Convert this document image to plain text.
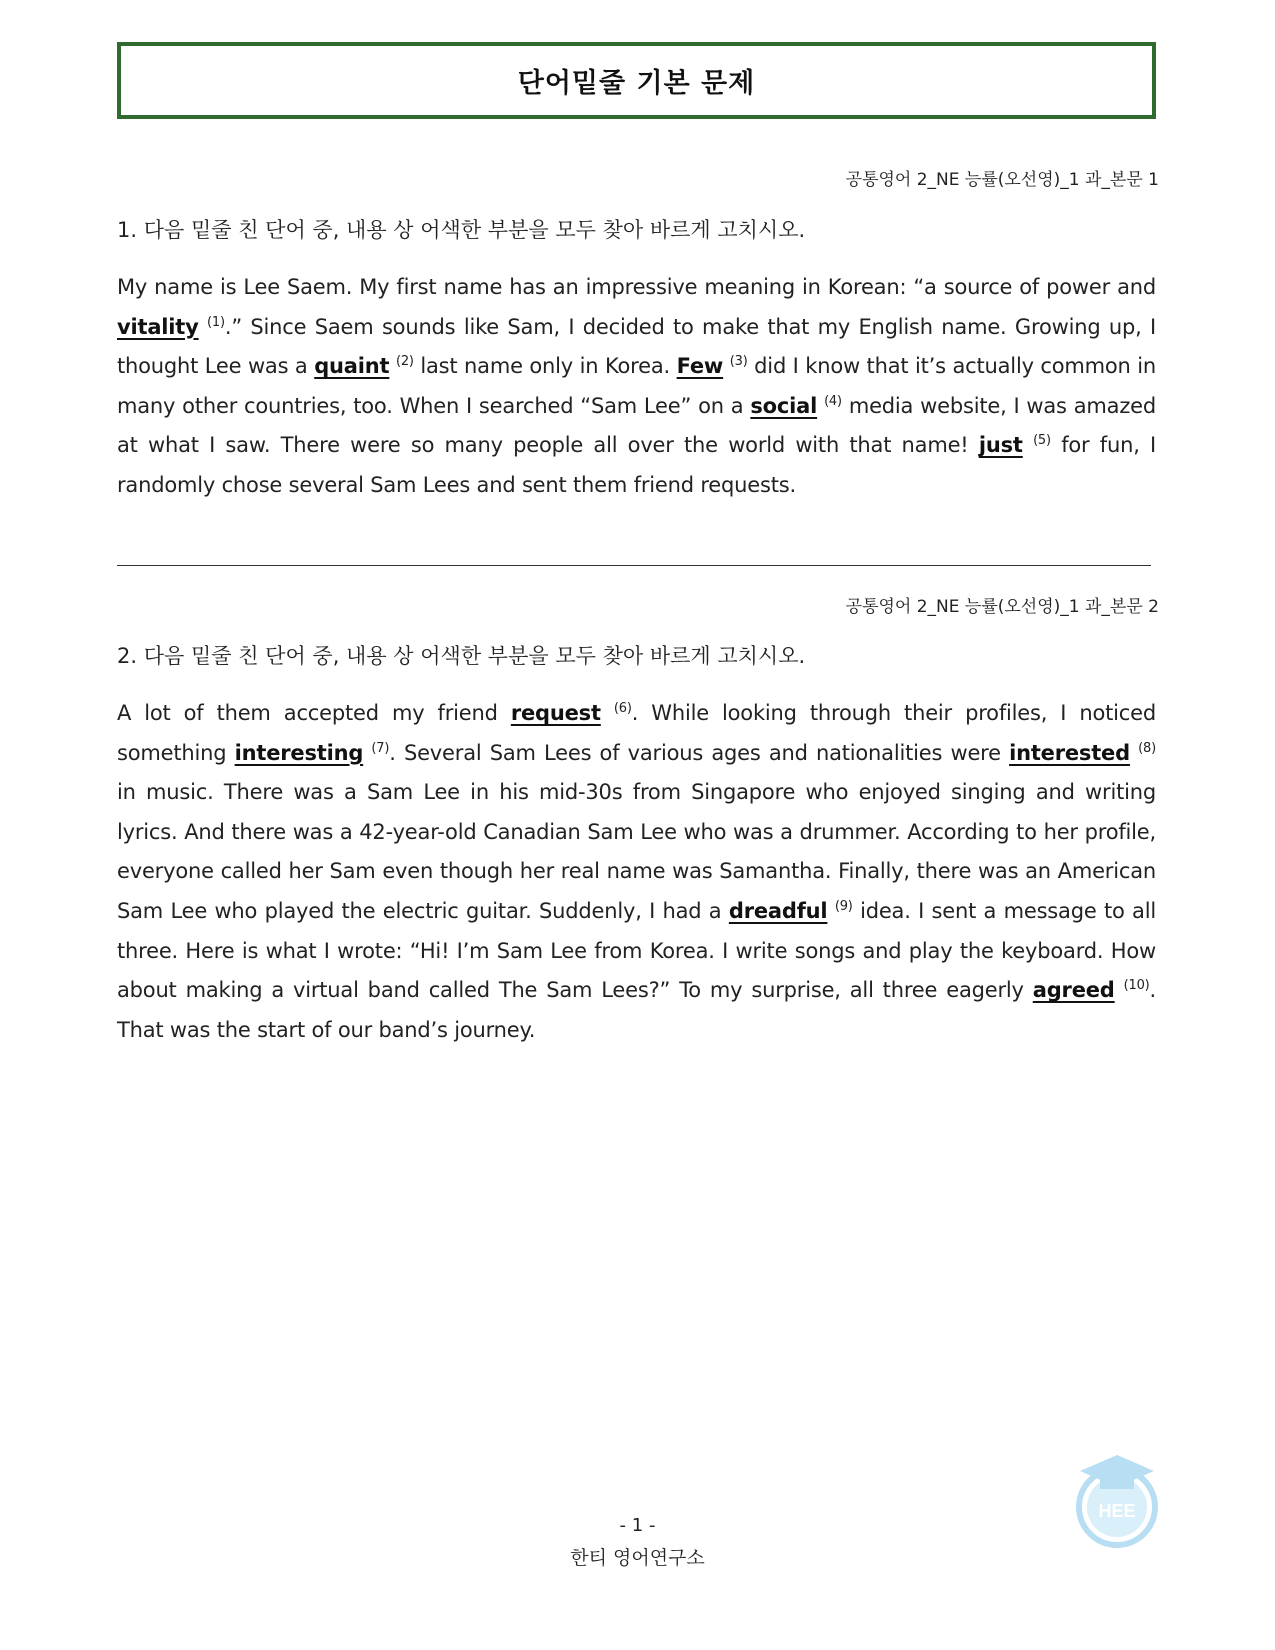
단어밑줄 기본 문제
공통영어 2_NE 능률(오선영)_1 과_본문 1
1. 다음 밑줄 친 단어 중, 내용 상 어색한 부분을 모두 찾아 바르게 고치시오.
My name is Lee Saem. My first name has an impressive meaning in Korean: “a source of power and vitality $^{(1)}$.” Since Saem sounds like Sam, I decided to make that my English name. Growing up, I thought Lee was a quaint $^{(2)}$ last name only in Korea. Few $^{(3)}$ did I know that it’s actually common in many other countries, too. When I searched “Sam Lee” on a social $^{(4)}$ media website, I was amazed at what I saw. There were so many people all over the world with that name! just $^{(5)}$ for fun, I randomly chose several Sam Lees and sent them friend requests.
공통영어 2_NE 능률(오선영)_1 과_본문 2
2. 다음 밑줄 친 단어 중, 내용 상 어색한 부분을 모두 찾아 바르게 고치시오.
A lot of them accepted my friend request $^{(6)}$. While looking through their profiles, I noticed something interesting $^{(7)}$. Several Sam Lees of various ages and nationalities were interested $^{(8)}$ in music. There was a Sam Lee in his mid-30s from Singapore who enjoyed singing and writing lyrics. And there was a 42-year-old Canadian Sam Lee who was a drummer. According to her profile, everyone called her Sam even though her real name was Samantha. Finally, there was an American Sam Lee who played the electric guitar. Suddenly, I had a dreadful $^{(9)}$ idea. I sent a message to all three. Here is what I wrote: “Hi! I’m Sam Lee from Korea. I write songs and play the keyboard. How about making a virtual band called The Sam Lees?” To my surprise, all three eagerly agreed $^{(10)}$. That was the start of our band’s journey.
- 1 -
한티 영어연구소
HEE
